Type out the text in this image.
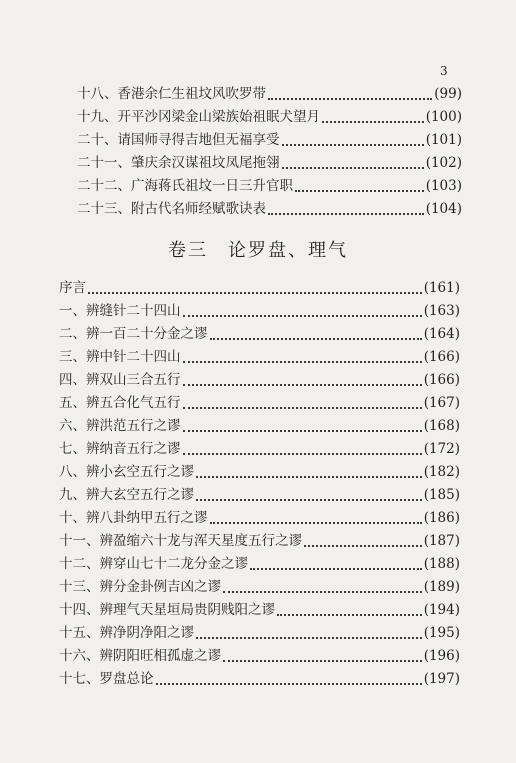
3
十八、香港余仁生祖坟风吹罗带	(99)
十九、开平沙冈梁金山梁族始祖眠犬望月	(100)
二十、请国师寻得吉地但无福享受	(101)
二十一、肇庆余汉谋祖坟凤尾拖翎	(102)
二十二、广海蒋氏祖坟一日三升官职	(103)
二十三、附古代名师经赋歌诀表	(104)
卷三　论罗盘、理气
序言	(161)
一、辨缝针二十四山	(163)
二、辨一百二十分金之谬	(164)
三、辨中针二十四山	(166)
四、辨双山三合五行	(166)
五、辨五合化气五行	(167)
六、辨洪范五行之谬	(168)
七、辨纳音五行之谬	(172)
八、辨小玄空五行之谬	(182)
九、辨大玄空五行之谬	(185)
十、辨八卦纳甲五行之谬	(186)
十一、辨盈缩六十龙与浑天星度五行之谬	(187)
十二、辨穿山七十二龙分金之谬	(188)
十三、辨分金卦例吉凶之谬	(189)
十四、辨理气天星垣局贵阴贱阳之谬	(194)
十五、辨净阴净阳之谬	(195)
十六、辨阴阳旺相孤虚之谬	(196)
十七、罗盘总论	(197)
